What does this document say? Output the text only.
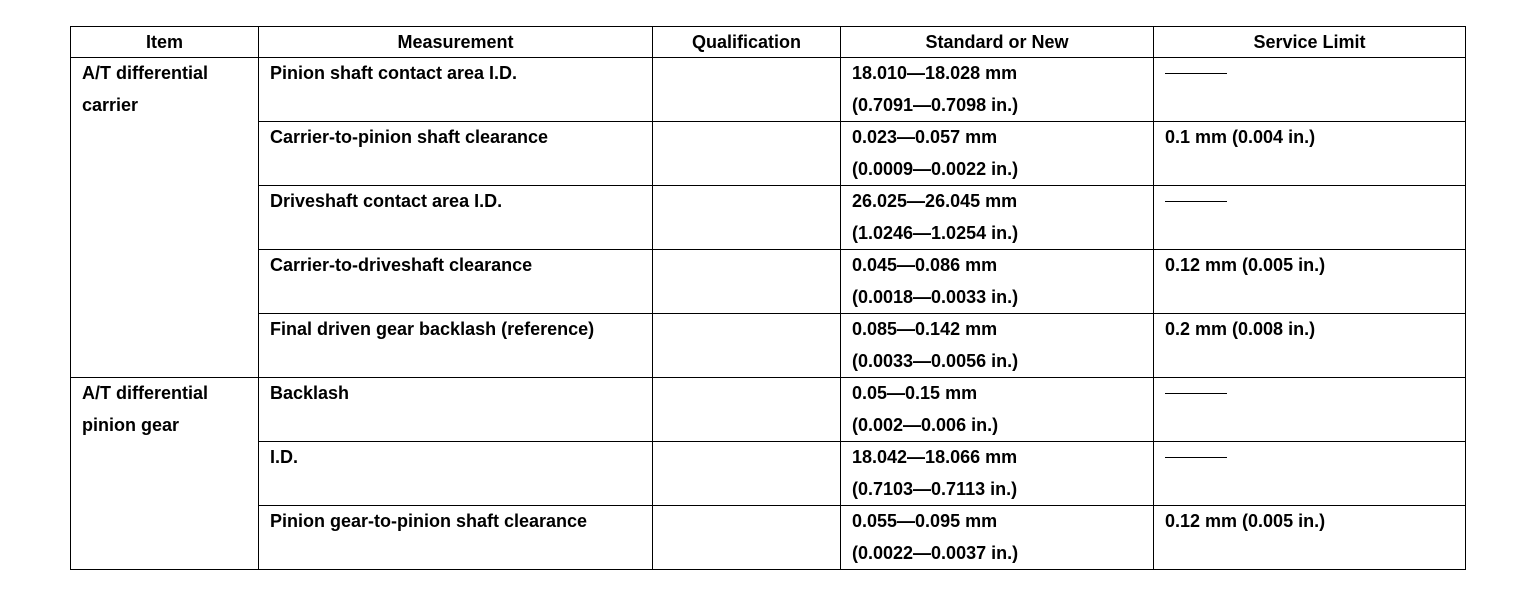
Item	Measurement	Qualification	Standard or New	Service Limit

A/T differential
carrier	Pinion shaft contact area I.D.		18.010—18.028 mm
(0.7091—0.7098 in.)	

	Carrier-to-pinion shaft clearance		0.023—0.057 mm
(0.0009—0.0022 in.)	0.1 mm (0.004 in.)
	Driveshaft contact area I.D.		26.025—26.045 mm
(1.0246—1.0254 in.)	

	Carrier-to-driveshaft clearance		0.045—0.086 mm
(0.0018—0.0033 in.)	0.12 mm (0.005 in.)
	Final driven gear backlash (reference)		0.085—0.142 mm
(0.0033—0.0056 in.)	0.2 mm (0.008 in.)

A/T differential
pinion gear	Backlash		0.05—0.15 mm
(0.002—0.006 in.)	

	I.D.		18.042—18.066 mm
(0.7103—0.7113 in.)	

	Pinion gear-to-pinion shaft clearance		0.055—0.095 mm
(0.0022—0.0037 in.)	0.12 mm (0.005 in.)
